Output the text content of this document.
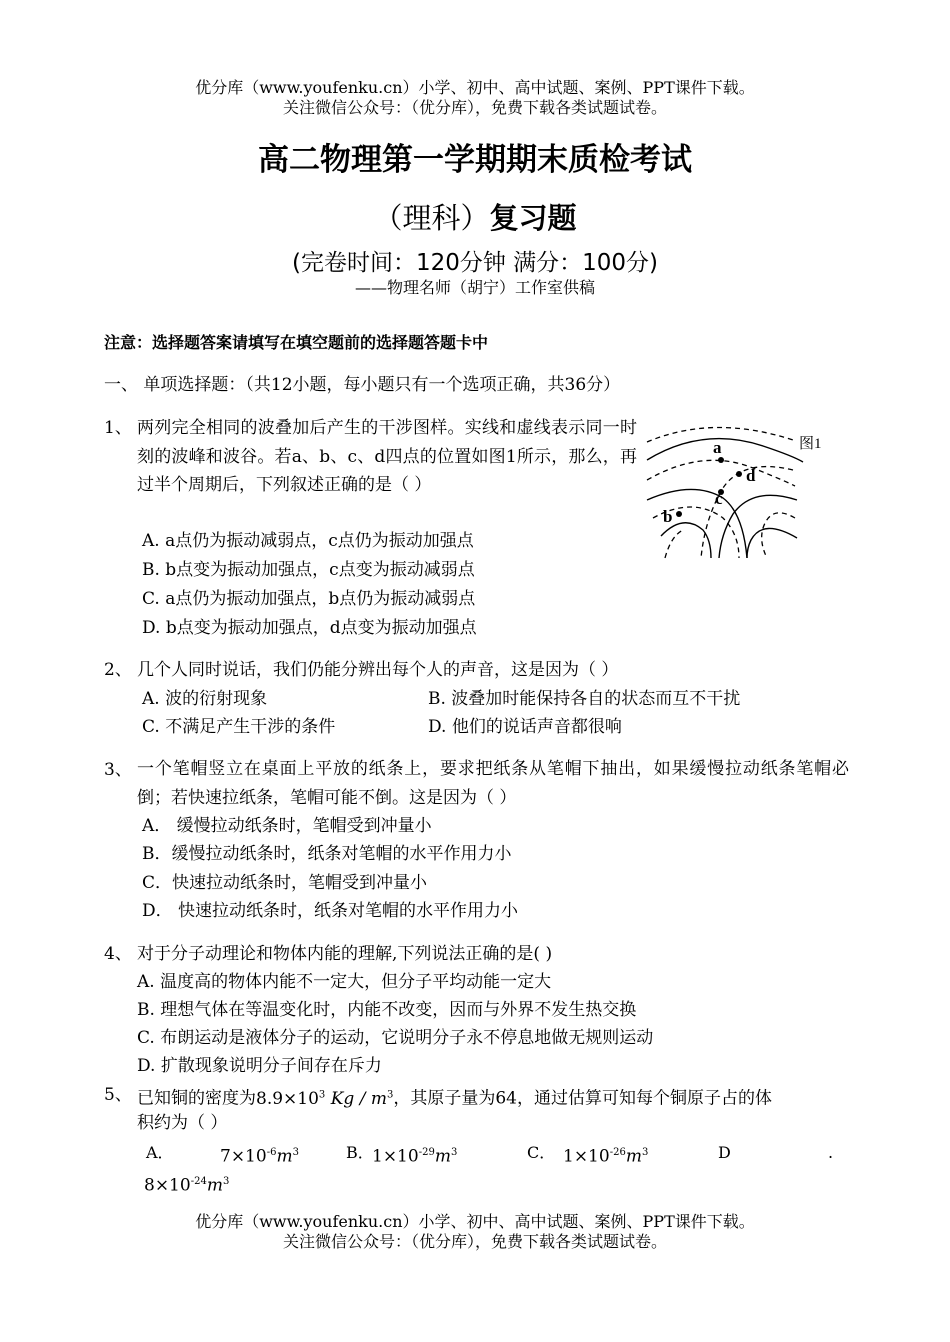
优分库（www.youfenku.cn）小学、初中、高中试题、案例、PPT课件下载。
关注微信公众号：（优分库），免费下载各类试题试卷。
高二物理第一学期期末质检考试
（理科）复习题
(完卷时间：120分钟 满分：100分)
——物理名师（胡宁）工作室供稿
注意：选择题答案请填写在填空题前的选择题答题卡中
一、 单项选择题：（共12小题，每小题只有一个选项正确，共36分）
1、 两列完全相同的波叠加后产生的干涉图样。实线和虚线表示同一时刻的波峰和波谷。若a、b、c、d四点的位置如图1所示，那么，再过半个周期后，下列叙述正确的是（ ）
A. a点仍为振动减弱点，c点仍为振动加强点
B. b点变为振动加强点，c点变为振动减弱点
C. a点仍为振动加强点，b点仍为振动减弱点
D. b点变为振动加强点，d点变为振动加强点
a
b
c
d
图1
2、 几个人同时说话，我们仍能分辨出每个人的声音，这是因为（ ）
A. 波的衍射现象	B. 波叠加时能保持各自的状态而互不干扰
C. 不满足产生干涉的条件	D. 他们的说话声音都很响
3、 一个笔帽竖立在桌面上平放的纸条上，要求把纸条从笔帽下抽出，如果缓慢拉动纸条笔帽必倒；若快速拉纸条，笔帽可能不倒。这是因为（ ）
A． 缓慢拉动纸条时，笔帽受到冲量小
B．缓慢拉动纸条时，纸条对笔帽的水平作用力小
C．快速拉动纸条时，笔帽受到冲量小
D． 快速拉动纸条时，纸条对笔帽的水平作用力小
4、 对于分子动理论和物体内能的理解,下列说法正确的是( )
A. 温度高的物体内能不一定大，但分子平均动能一定大
B. 理想气体在等温变化时，内能不改变，因而与外界不发生热交换
C. 布朗运动是液体分子的运动，它说明分子永不停息地做无规则运动
D. 扩散现象说明分子间存在斥力
5、 已知铜的密度为$8.9\times 10^3$ Kg / $m^3$，其原子量为64，通过估算可知每个铜原子占的体
积约为（ ）
A．	$7\times 10^{-6}m^3$	B．
$1\times 10^{-29}m^3$	C． $1\times 10^{-26}m^3$	D	.
$8\times 10^{-24}m^3$
优分库（www.youfenku.cn）小学、初中、高中试题、案例、PPT课件下载。
关注微信公众号：（优分库），免费下载各类试题试卷。
